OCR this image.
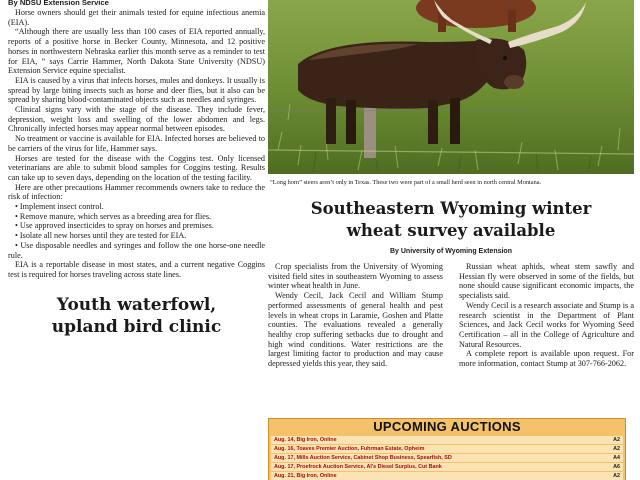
By NDSU Extension Service

Horse owners should get their animals tested for equine infectious anemia (EIA).

“Although there are usually less than 100 cases of EIA reported annually, reports of a positive horse in Becker County, Minnesota, and 12 positive horses in northwestern Nebraska earlier this month serve as a reminder to test for EIA, ” says Carrie Hammer, North Dakota State University (NDSU) Extension Service equine specialist.

EIA is caused by a virus that infects horses, mules and donkeys. It usually is spread by large biting insects such as horse and deer flies, but it also can be spread by sharing blood-contaminated objects such as needles and syringes.

Clinical signs vary with the stage of the disease. They include fever, depression, weight loss and swelling of the lower abdomen and legs. Chronically infected horses may appear normal between episodes.

No treatment or vaccine is available for EIA. Infected horses are believed to be carriers of the virus for life, Hammer says.

Horses are tested for the disease with the Coggins test. Only licensed veterinarians are able to submit blood samples for Coggins testing. Results can take up to seven days, depending on the location of the testing facility.

Here are other precautions Hammer recommends owners take to reduce the risk of infection:

• Implement insect control.

• Remove manure, which serves as a breeding area for flies.

• Use approved insecticides to spray on horses and premises.

• Isolate all new horses until they are tested for EIA.

• Use disposable needles and syringes and follow the one horse-one needle rule.

EIA is a reportable disease in most states, and a current negative Coggins test is required for horses traveling across state lines.

Youth waterfowl,
upland bird clinic
“Long horn” steers aren’t only in Texas. These two were part of a small herd seen in north central Montana.
Southeastern Wyoming winter
wheat survey available
By University of Wyoming Extension

Crop specialists from the University of Wyoming visited field sites in southeastern Wyoming to assess winter wheat health in June.

Wendy Cecil, Jack Cecil and William Stump performed assessments of general health and pest levels in wheat crops in Laramie, Goshen and Platte counties. The evaluations revealed a generally healthy crop suffering setbacks due to drought and high wind conditions. Water restrictions are the largest limiting factor to production and may cause depressed yields this year, they said.

Russian wheat aphids, wheat stem sawfly and Hessian fly were observed in some of the fields, but none should cause significant economic impacts, the specialists said.

Wendy Cecil is a research associate and Stump is a research scientist in the Department of Plant Sciences, and Jack Cecil works for Wyoming Seed Certification – all in the College of Agriculture and Natural Resources.

A complete report is available upon request. For more information, contact Stump at 307-766-2062.

UPCOMING AUCTIONS
Aug. 14, Big Iron, Online	A2
Aug. 16, Toaves Premier Auction, Fuhrman Estate, Opheim	A2
Aug. 17, Mills Auction Service, Cabinet Shop Business, Spearfish, SD	A4
Aug. 17, Proefrock Auction Service, Al’s Diesel Surplus, Cut Bank	A6
Aug. 21, Big Iron, Online	A2
